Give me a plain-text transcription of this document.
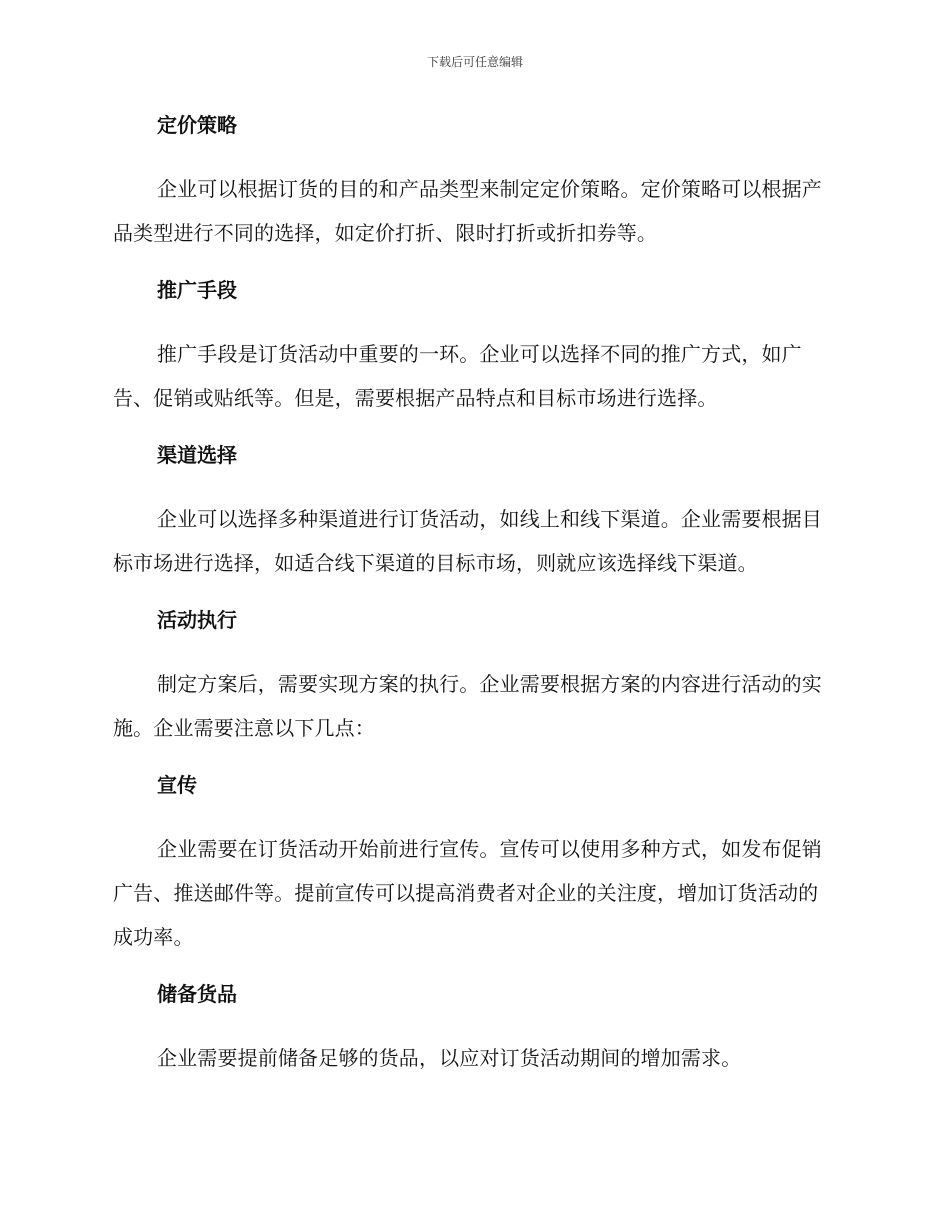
下载后可任意编辑
定价策略

企业可以根据订货的目的和产品类型来制定定价策略。定价策略可以根据产品类型进行不同的选择，如定价打折、限时打折或折扣券等。

推广手段

推广手段是订货活动中重要的一环。企业可以选择不同的推广方式，如广告、促销或贴纸等。但是，需要根据产品特点和目标市场进行选择。

渠道选择

企业可以选择多种渠道进行订货活动，如线上和线下渠道。企业需要根据目标市场进行选择，如适合线下渠道的目标市场，则就应该选择线下渠道。

活动执行

制定方案后，需要实现方案的执行。企业需要根据方案的内容进行活动的实施。企业需要注意以下几点：

宣传

企业需要在订货活动开始前进行宣传。宣传可以使用多种方式，如发布促销广告、推送邮件等。提前宣传可以提高消费者对企业的关注度，增加订货活动的成功率。

储备货品

企业需要提前储备足够的货品，以应对订货活动期间的增加需求。
